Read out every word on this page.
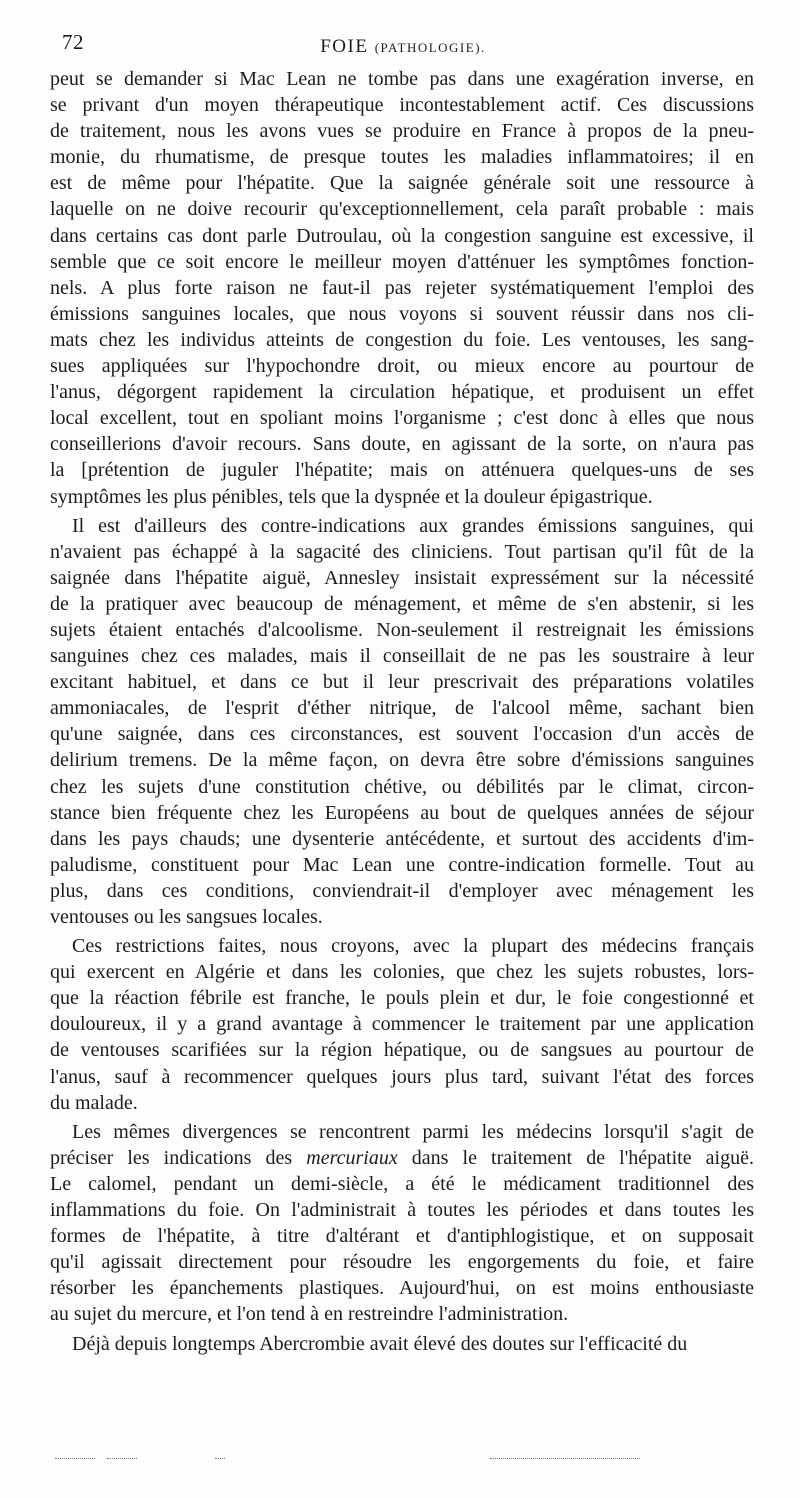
72	FOIE (PATHOLOGIE).
peut se demander si Mac Lean ne tombe pas dans une exagération inverse, en
se privant d'un moyen thérapeutique incontestablement actif. Ces discussions
de traitement, nous les avons vues se produire en France à propos de la pneu-
monie, du rhumatisme, de presque toutes les maladies inflammatoires; il en
est de même pour l'hépatite. Que la saignée générale soit une ressource à
laquelle on ne doive recourir qu'exceptionnellement, cela paraît probable : mais
dans certains cas dont parle Dutroulau, où la congestion sanguine est excessive, il
semble que ce soit encore le meilleur moyen d'atténuer les symptômes fonction-
nels. A plus forte raison ne faut-il pas rejeter systématiquement l'emploi des
émissions sanguines locales, que nous voyons si souvent réussir dans nos cli-
mats chez les individus atteints de congestion du foie. Les ventouses, les sang-
sues appliquées sur l'hypochondre droit, ou mieux encore au pourtour de
l'anus, dégorgent rapidement la circulation hépatique, et produisent un effet
local excellent, tout en spoliant moins l'organisme ; c'est donc à elles que nous
conseillerions d'avoir recours. Sans doute, en agissant de la sorte, on n'aura pas
la [prétention de juguler l'hépatite; mais on atténuera quelques-uns de ses
symptômes les plus pénibles, tels que la dyspnée et la douleur épigastrique.
Il est d'ailleurs des contre-indications aux grandes émissions sanguines, qui
n'avaient pas échappé à la sagacité des cliniciens. Tout partisan qu'il fût de la
saignée dans l'hépatite aiguë, Annesley insistait expressément sur la nécessité
de la pratiquer avec beaucoup de ménagement, et même de s'en abstenir, si les
sujets étaient entachés d'alcoolisme. Non-seulement il restreignait les émissions
sanguines chez ces malades, mais il conseillait de ne pas les soustraire à leur
excitant habituel, et dans ce but il leur prescrivait des préparations volatiles
ammoniacales, de l'esprit d'éther nitrique, de l'alcool même, sachant bien
qu'une saignée, dans ces circonstances, est souvent l'occasion d'un accès de
delirium tremens. De la même façon, on devra être sobre d'émissions sanguines
chez les sujets d'une constitution chétive, ou débilités par le climat, circon-
stance bien fréquente chez les Européens au bout de quelques années de séjour
dans les pays chauds; une dysenterie antécédente, et surtout des accidents d'im-
paludisme, constituent pour Mac Lean une contre-indication formelle. Tout au
plus, dans ces conditions, conviendrait-il d'employer avec ménagement les
ventouses ou les sangsues locales.
Ces restrictions faites, nous croyons, avec la plupart des médecins français
qui exercent en Algérie et dans les colonies, que chez les sujets robustes, lors-
que la réaction fébrile est franche, le pouls plein et dur, le foie congestionné et
douloureux, il y a grand avantage à commencer le traitement par une application
de ventouses scarifiées sur la région hépatique, ou de sangsues au pourtour de
l'anus, sauf à recommencer quelques jours plus tard, suivant l'état des forces
du malade.
Les mêmes divergences se rencontrent parmi les médecins lorsqu'il s'agit de
préciser les indications des mercuriaux dans le traitement de l'hépatite aiguë.
Le calomel, pendant un demi-siècle, a été le médicament traditionnel des
inflammations du foie. On l'administrait à toutes les périodes et dans toutes les
formes de l'hépatite, à titre d'altérant et d'antiphlogistique, et on supposait
qu'il agissait directement pour résoudre les engorgements du foie, et faire
résorber les épanchements plastiques. Aujourd'hui, on est moins enthousiaste
au sujet du mercure, et l'on tend à en restreindre l'administration.
Déjà depuis longtemps Abercrombie avait élevé des doutes sur l'efficacité du
